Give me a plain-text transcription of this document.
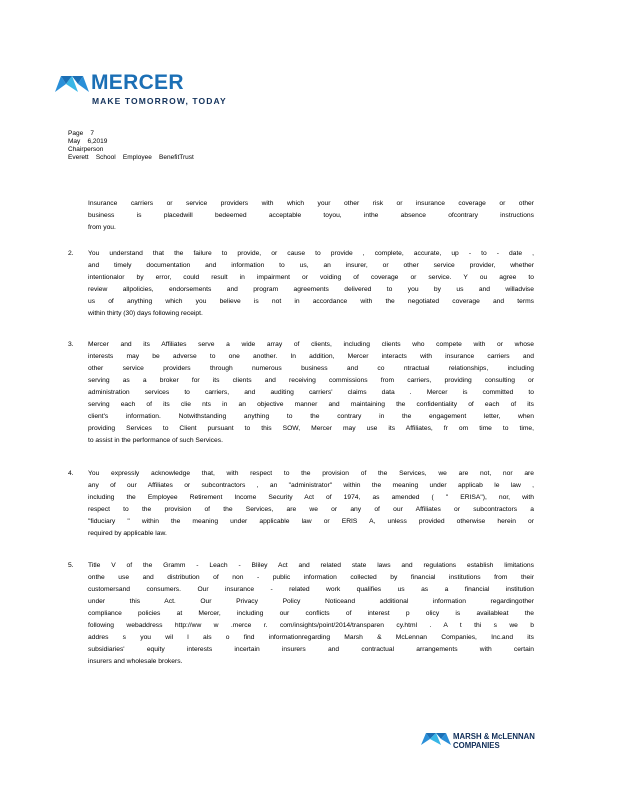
MERCER
MAKE TOMORROW, TODAY
Page    7
May    6,2019
Chairperson
Everett    School    Employee    BenefitTrust

Insurance carriers or service providers with which your other risk or insurance coverage or other

business is placedwill bedeemed acceptable toyou, inthe absence ofcontrary instructions

from you.

2. You understand that the failure to provide, or cause to provide , complete, accurate, up - to - date ,

and timely documentation and information to us, an insurer, or other service provider, whether

intentionalor by error, could result in impairment or voiding of coverage or service. Y ou agree to

review allpolicies, endorsements and program agreements delivered to you by us and willadvise

us of anything which you believe is not in accordance with the negotiated coverage and terms

within thirty (30) days following receipt.

3. Mercer and its Affiliates serve a wide array of clients, including clients who compete with or whose

interests may be adverse to one another. In addition, Mercer interacts with insurance carriers and

other service providers through numerous business and co ntractual relationships, including

serving as a broker for its clients and receiving commissions from carriers, providing consulting or

administration services to carriers, and auditing carriers' claims data . Mercer is committed to

serving each of its clie nts in an objective manner and maintaining the confidentiality of each of its

client's information. Notwithstanding anything to the contrary in the engagement letter, when

providing Services to Client pursuant to this SOW, Mercer may use its Affiliates, fr om time to time,

to assist in the performance of such Services.

4. You expressly acknowledge that, with respect to the provision of the Services, we are not, nor are

any of our Affiliates or subcontractors , an "administrator" within the meaning under applicab le law ,

including the Employee Retirement Income Security Act of 1974, as amended ( " ERISA"), nor, with

respect to the provision of the Services, are we or any of our Affiliates or subcontractors a

"fiduciary " within the meaning under applicable law or ERIS A, unless provided otherwise herein or

required by applicable law.

5. Title V of the Gramm - Leach - Bliley Act and related state laws and regulations establish limitations

onthe use and distribution of non - public information collected by financial institutions from their

customersand consumers. Our insurance - related work qualifies us as a financial institution

under this Act. Our Privacy Policy Noticeand additional information regardingother

compliance policies at Mercer, including our conflicts of interest p olicy is availableat the

following webaddress http://ww w .merce r. com/insights/point/2014/transparen cy.html . A t thi s we b

addres s you wil l als o find informationregarding Marsh & McLennan Companies, Inc.and its

subsidiaries' equity interests incertain insurers and contractual arrangements with certain

insurers and wholesale brokers.

MARSH & McLENNAN
COMPANIES
